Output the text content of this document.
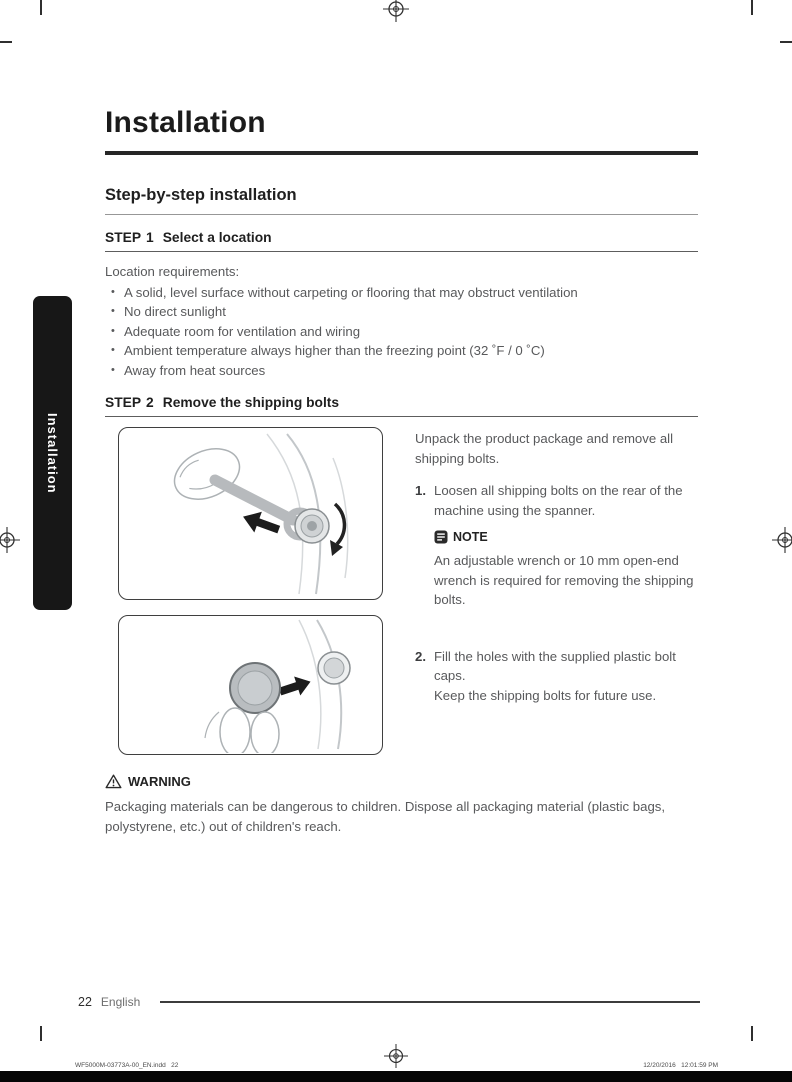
Installation
Installation
Step-by-step installation
STEP 1 Select a location

Location requirements:

• A solid, level surface without carpeting or flooring that may obstruct ventilation
• No direct sunlight
• Adequate room for ventilation and wiring
• Ambient temperature always higher than the freezing point (32 ˚F / 0 ˚C)
• Away from heat sources
STEP 2 Remove the shipping bolts

Unpack the product package and remove all shipping bolts.

1. Loosen all shipping bolts on the rear of the machine using the spanner.
NOTE

An adjustable wrench or 10 mm open-end wrench is required for removing the shipping bolts.

2. Fill the holes with the supplied plastic bolt caps.
Keep the shipping bolts for future use.
WARNING

Packaging materials can be dangerous to children. Dispose all packaging material (plastic bags, polystyrene, etc.) out of children's reach.

22 English
WF5000M-03773A-00_EN.indd   22	12/20/2016   12:01:59 PM
